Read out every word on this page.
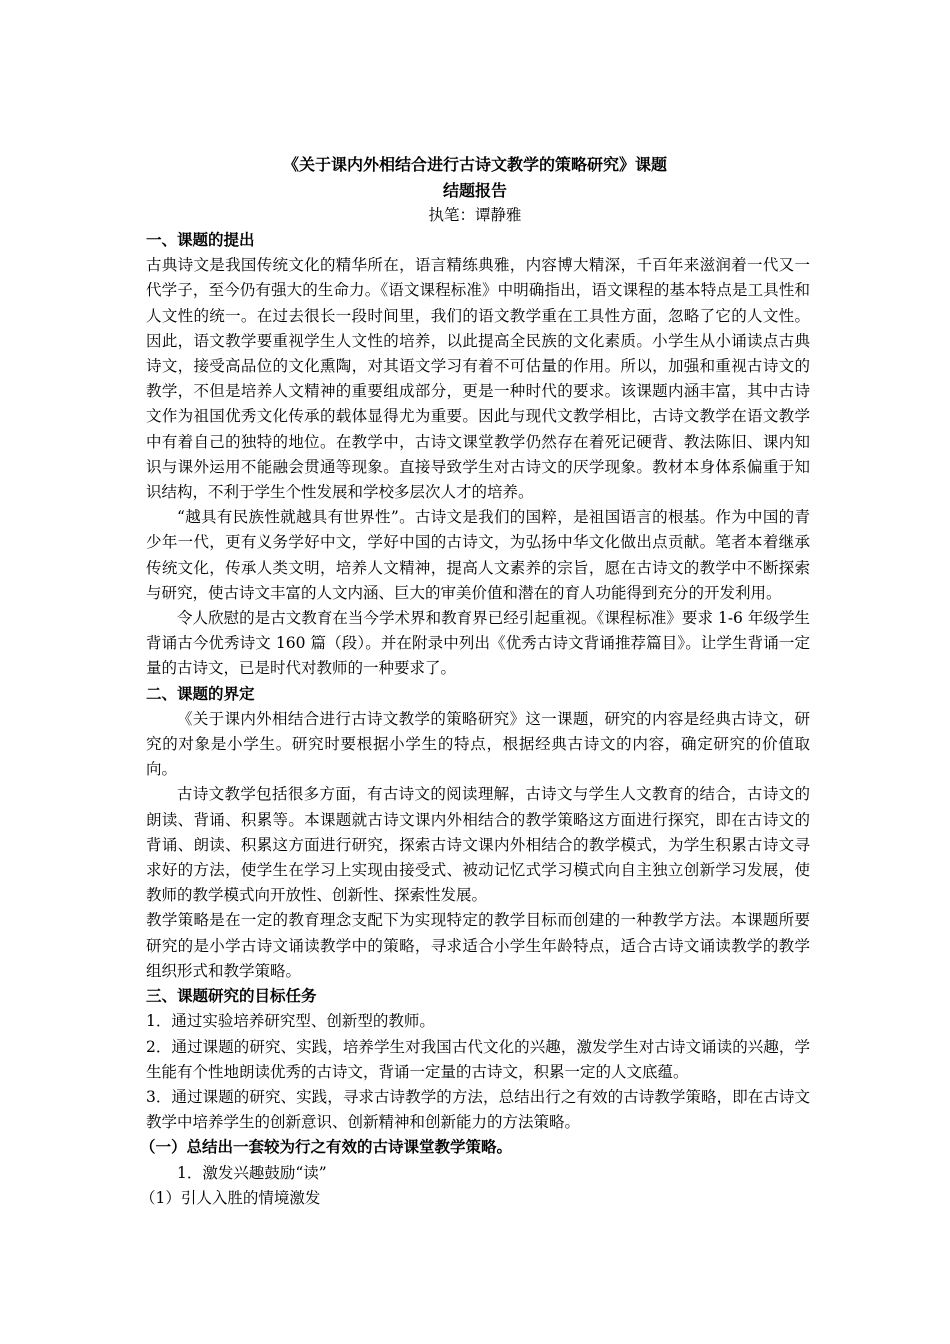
《关于课内外相结合进行古诗文教学的策略研究》课题
结题报告
执笔：谭静雅
一、课题的提出

古典诗文是我国传统文化的精华所在，语言精练典雅，内容博大精深，千百年来滋润着一代又一代学子，至今仍有强大的生命力。《语文课程标准》中明确指出，语文课程的基本特点是工具性和人文性的统一。在过去很长一段时间里，我们的语文教学重在工具性方面，忽略了它的人文性。因此，语文教学要重视学生人文性的培养，以此提高全民族的文化素质。小学生从小诵读点古典诗文，接受高品位的文化熏陶，对其语文学习有着不可估量的作用。所以，加强和重视古诗文的教学，不但是培养人文精神的重要组成部分，更是一种时代的要求。该课题内涵丰富，其中古诗文作为祖国优秀文化传承的载体显得尤为重要。因此与现代文教学相比，古诗文教学在语文教学中有着自己的独特的地位。在教学中，古诗文课堂教学仍然存在着死记硬背、教法陈旧、课内知识与课外运用不能融会贯通等现象。直接导致学生对古诗文的厌学现象。教材本身体系偏重于知识结构，不利于学生个性发展和学校多层次人才的培养。

“越具有民族性就越具有世界性”。古诗文是我们的国粹，是祖国语言的根基。作为中国的青少年一代，更有义务学好中文，学好中国的古诗文，为弘扬中华文化做出点贡献。笔者本着继承传统文化，传承人类文明，培养人文精神，提高人文素养的宗旨，愿在古诗文的教学中不断探索与研究，使古诗文丰富的人文内涵、巨大的审美价值和潜在的育人功能得到充分的开发利用。

令人欣慰的是古文教育在当今学术界和教育界已经引起重视。《课程标准》要求 1-6 年级学生背诵古今优秀诗文 160 篇（段）。并在附录中列出《优秀古诗文背诵推荐篇目》。让学生背诵一定量的古诗文，已是时代对教师的一种要求了。

二、课题的界定

《关于课内外相结合进行古诗文教学的策略研究》这一课题，研究的内容是经典古诗文，研究的对象是小学生。研究时要根据小学生的特点，根据经典古诗文的内容，确定研究的价值取向。

古诗文教学包括很多方面，有古诗文的阅读理解，古诗文与学生人文教育的结合，古诗文的朗读、背诵、积累等。本课题就古诗文课内外相结合的教学策略这方面进行探究，即在古诗文的背诵、朗读、积累这方面进行研究，探索古诗文课内外相结合的教学模式，为学生积累古诗文寻求好的方法，使学生在学习上实现由接受式、被动记忆式学习模式向自主独立创新学习发展，使教师的教学模式向开放性、创新性、探索性发展。

教学策略是在一定的教育理念支配下为实现特定的教学目标而创建的一种教学方法。本课题所要研究的是小学古诗文诵读教学中的策略，寻求适合小学生年龄特点，适合古诗文诵读教学的教学组织形式和教学策略。

三、课题研究的目标任务

1．通过实验培养研究型、创新型的教师。

2．通过课题的研究、实践，培养学生对我国古代文化的兴趣，激发学生对古诗文诵读的兴趣，学生能有个性地朗读优秀的古诗文，背诵一定量的古诗文，积累一定的人文底蕴。

3．通过课题的研究、实践，寻求古诗教学的方法，总结出行之有效的古诗教学策略，即在古诗文教学中培养学生的创新意识、创新精神和创新能力的方法策略。

（一）总结出一套较为行之有效的古诗课堂教学策略。
1．激发兴趣鼓励“读”
（1）引人入胜的情境激发
